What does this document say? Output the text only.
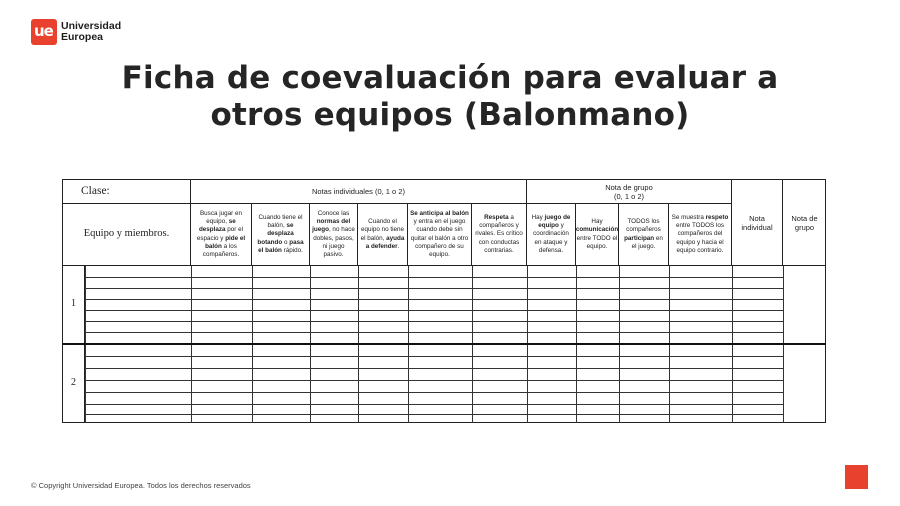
ue Universidad
Europea
Ficha de coevaluación para evaluar a
otros equipos (Balonmano)
Clase:	Notas individuales (0, 1 o 2)	Nota de grupo
(0, 1 o 2)
Nota individual
Nota de grupo
Equipo y miembros.
1
2
Busca jugar en equipo, se desplaza por el espacio y pide el balón a los compañeros.
Cuando tiene el balón, se desplaza botando o pasa el balón rápido.
Conoce las normas del juego, no hace dobles, pasos, ni juego pasivo.
Cuando el equipo no tiene el balón, ayuda a defender.
Se anticipa al balón y entra en el juego cuando debe sin quitar el balón a otro compañero de su equipo.
Respeta a compañeros y rivales. Es crítico con conductas contrarias.
Hay juego de equipo y coordinación en ataque y defensa.
Hay comunicación entre TODO el equipo.
TODOS los compañeros participan en el juego.
Se muestra respeto entre TODOS los compañeros del equipo y hacia el equipo contrario.
© Copyright Universidad Europea. Todos los derechos reservados
